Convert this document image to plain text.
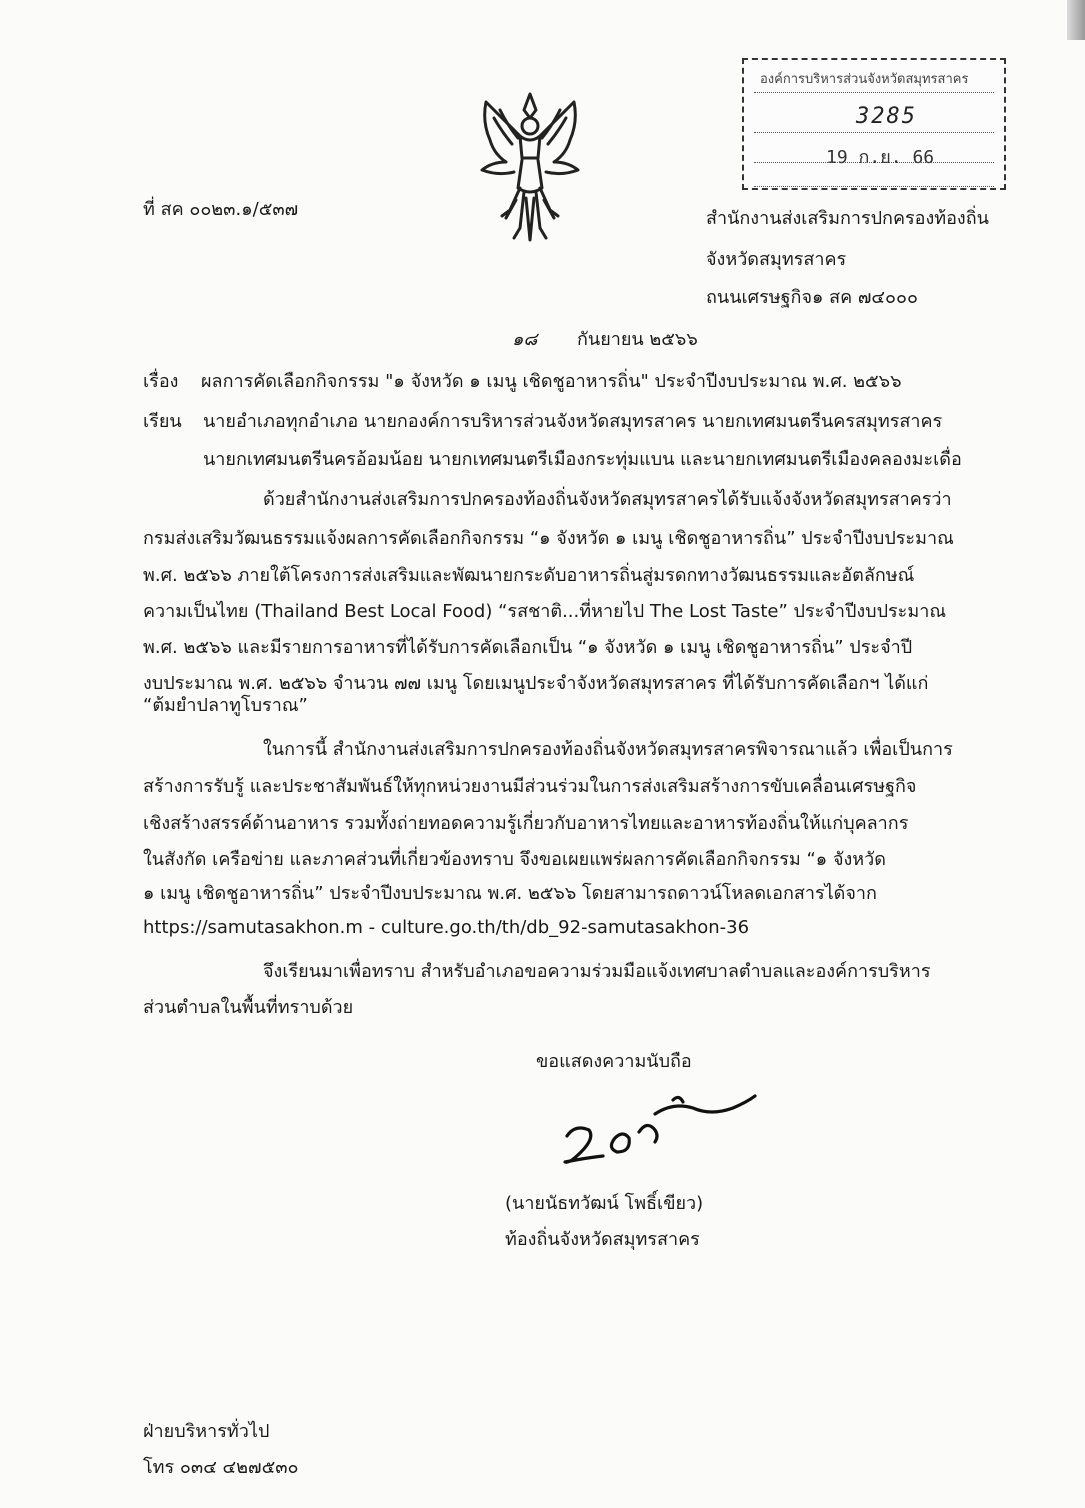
องค์การบริหารส่วนจังหวัดสมุทรสาคร
3285
19 ก.ย. 66
ที่ สค ๐๐๒๓.๑/๕๓๗	สำนักงานส่งเสริมการปกครองท้องถิ่น
จังหวัดสมุทรสาคร
ถนนเศรษฐกิจ๑ สค ๗๔๐๐๐
๑๘ กันยายน ๒๕๖๖
เรื่อง ผลการคัดเลือกกิจกรรม "๑ จังหวัด ๑ เมนู เชิดชูอาหารถิ่น" ประจำปีงบประมาณ พ.ศ. ๒๕๖๖
เรียน นายอำเภอทุกอำเภอ นายกองค์การบริหารส่วนจังหวัดสมุทรสาคร นายกเทศมนตรีนครสมุทรสาคร
นายกเทศมนตรีนครอ้อมน้อย นายกเทศมนตรีเมืองกระทุ่มแบน และนายกเทศมนตรีเมืองคลองมะเดื่อ
ด้วยสำนักงานส่งเสริมการปกครองท้องถิ่นจังหวัดสมุทรสาครได้รับแจ้งจังหวัดสมุทรสาครว่า
กรมส่งเสริมวัฒนธรรมแจ้งผลการคัดเลือกกิจกรรม “๑ จังหวัด ๑ เมนู เชิดชูอาหารถิ่น” ประจำปีงบประมาณ
พ.ศ. ๒๕๖๖ ภายใต้โครงการส่งเสริมและพัฒนายกระดับอาหารถิ่นสู่มรดกทางวัฒนธรรมและอัตลักษณ์
ความเป็นไทย (Thailand Best Local Food) “รสชาติ...ที่หายไป The Lost Taste” ประจำปีงบประมาณ
พ.ศ. ๒๕๖๖ และมีรายการอาหารที่ได้รับการคัดเลือกเป็น “๑ จังหวัด ๑ เมนู เชิดชูอาหารถิ่น” ประจำปี
งบประมาณ พ.ศ. ๒๕๖๖ จำนวน ๗๗ เมนู โดยเมนูประจำจังหวัดสมุทรสาคร ที่ได้รับการคัดเลือกฯ ได้แก่
“ต้มยำปลาทูโบราณ”
ในการนี้ สำนักงานส่งเสริมการปกครองท้องถิ่นจังหวัดสมุทรสาครพิจารณาแล้ว เพื่อเป็นการ
สร้างการรับรู้ และประชาสัมพันธ์ให้ทุกหน่วยงานมีส่วนร่วมในการส่งเสริมสร้างการขับเคลื่อนเศรษฐกิจ
เชิงสร้างสรรค์ด้านอาหาร รวมทั้งถ่ายทอดความรู้เกี่ยวกับอาหารไทยและอาหารท้องถิ่นให้แก่บุคลากร
ในสังกัด เครือข่าย และภาคส่วนที่เกี่ยวข้องทราบ จึงขอเผยแพร่ผลการคัดเลือกกิจกรรม “๑ จังหวัด
๑ เมนู เชิดชูอาหารถิ่น” ประจำปีงบประมาณ พ.ศ. ๒๕๖๖ โดยสามารถดาวน์โหลดเอกสารได้จาก
https://samutasakhon.m - culture.go.th/th/db_92-samutasakhon-36
จึงเรียนมาเพื่อทราบ สำหรับอำเภอขอความร่วมมือแจ้งเทศบาลตำบลและองค์การบริหาร
ส่วนตำบลในพื้นที่ทราบด้วย
ขอแสดงความนับถือ
(นายนัธทวัฒน์ โพธิ์เขียว)
ท้องถิ่นจังหวัดสมุทรสาคร
ฝ่ายบริหารทั่วไป
โทร ๐๓๔ ๔๒๗๕๓๐
